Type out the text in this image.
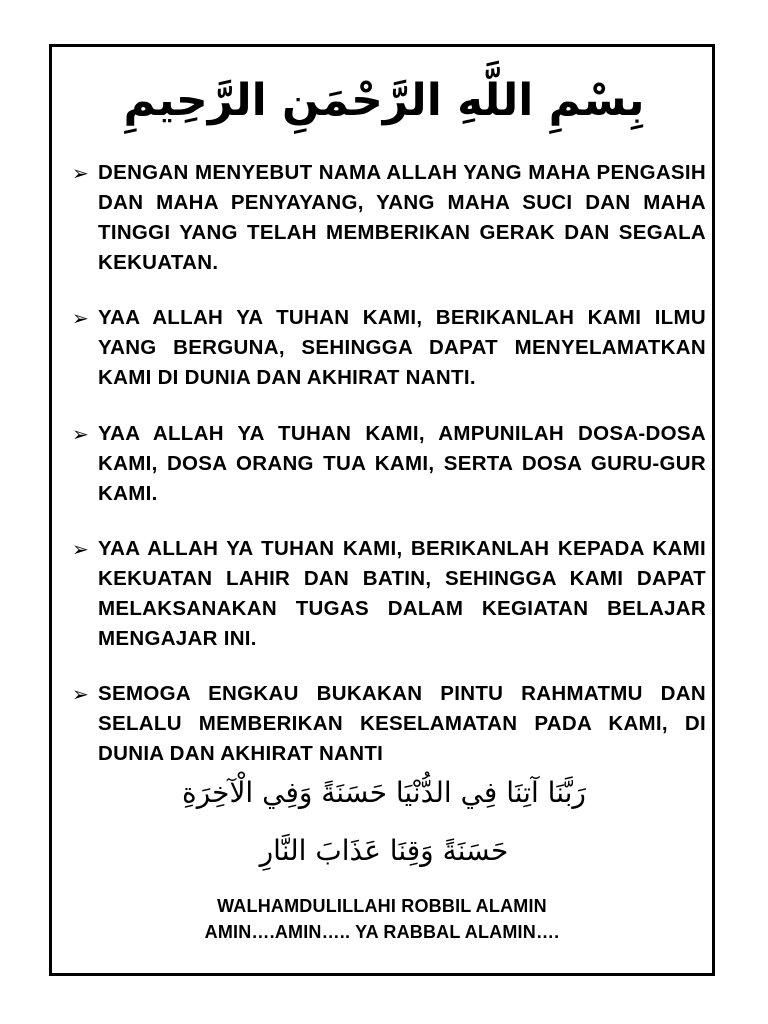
بِسْمِ اللَّهِ الرَّحْمَنِ الرَّحِيمِ
➢ DENGAN MENYEBUT NAMA ALLAH YANG MAHA PENGASIH DAN MAHA PENYAYANG, YANG MAHA SUCI DAN MAHA TINGGI YANG TELAH MEMBERIKAN GERAK DAN SEGALA KEKUATAN.
➢ YAA ALLAH YA TUHAN KAMI, BERIKANLAH KAMI ILMU YANG BERGUNA, SEHINGGA DAPAT MENYELAMATKAN KAMI DI DUNIA DAN AKHIRAT NANTI.
➢ YAA ALLAH YA TUHAN KAMI, AMPUNILAH DOSA-DOSA KAMI, DOSA ORANG TUA KAMI, SERTA DOSA GURU-GUR KAMI.
➢ YAA ALLAH YA TUHAN KAMI, BERIKANLAH KEPADA KAMI KEKUATAN LAHIR DAN BATIN, SEHINGGA KAMI DAPAT MELAKSANAKAN TUGAS DALAM KEGIATAN BELAJAR MENGAJAR INI.
➢ SEMOGA ENGKAU BUKAKAN PINTU RAHMATMU DAN SELALU MEMBERIKAN KESELAMATAN PADA KAMI, DI DUNIA DAN AKHIRAT NANTI
رَبَّنَا آتِنَا فِي الدُّنْيَا حَسَنَةً وَفِي الْآخِرَةِ
حَسَنَةً وَقِنَا عَذَابَ النَّارِ
WALHAMDULILLAHI ROBBIL ALAMIN
AMIN….AMIN….. YA RABBAL ALAMIN….
